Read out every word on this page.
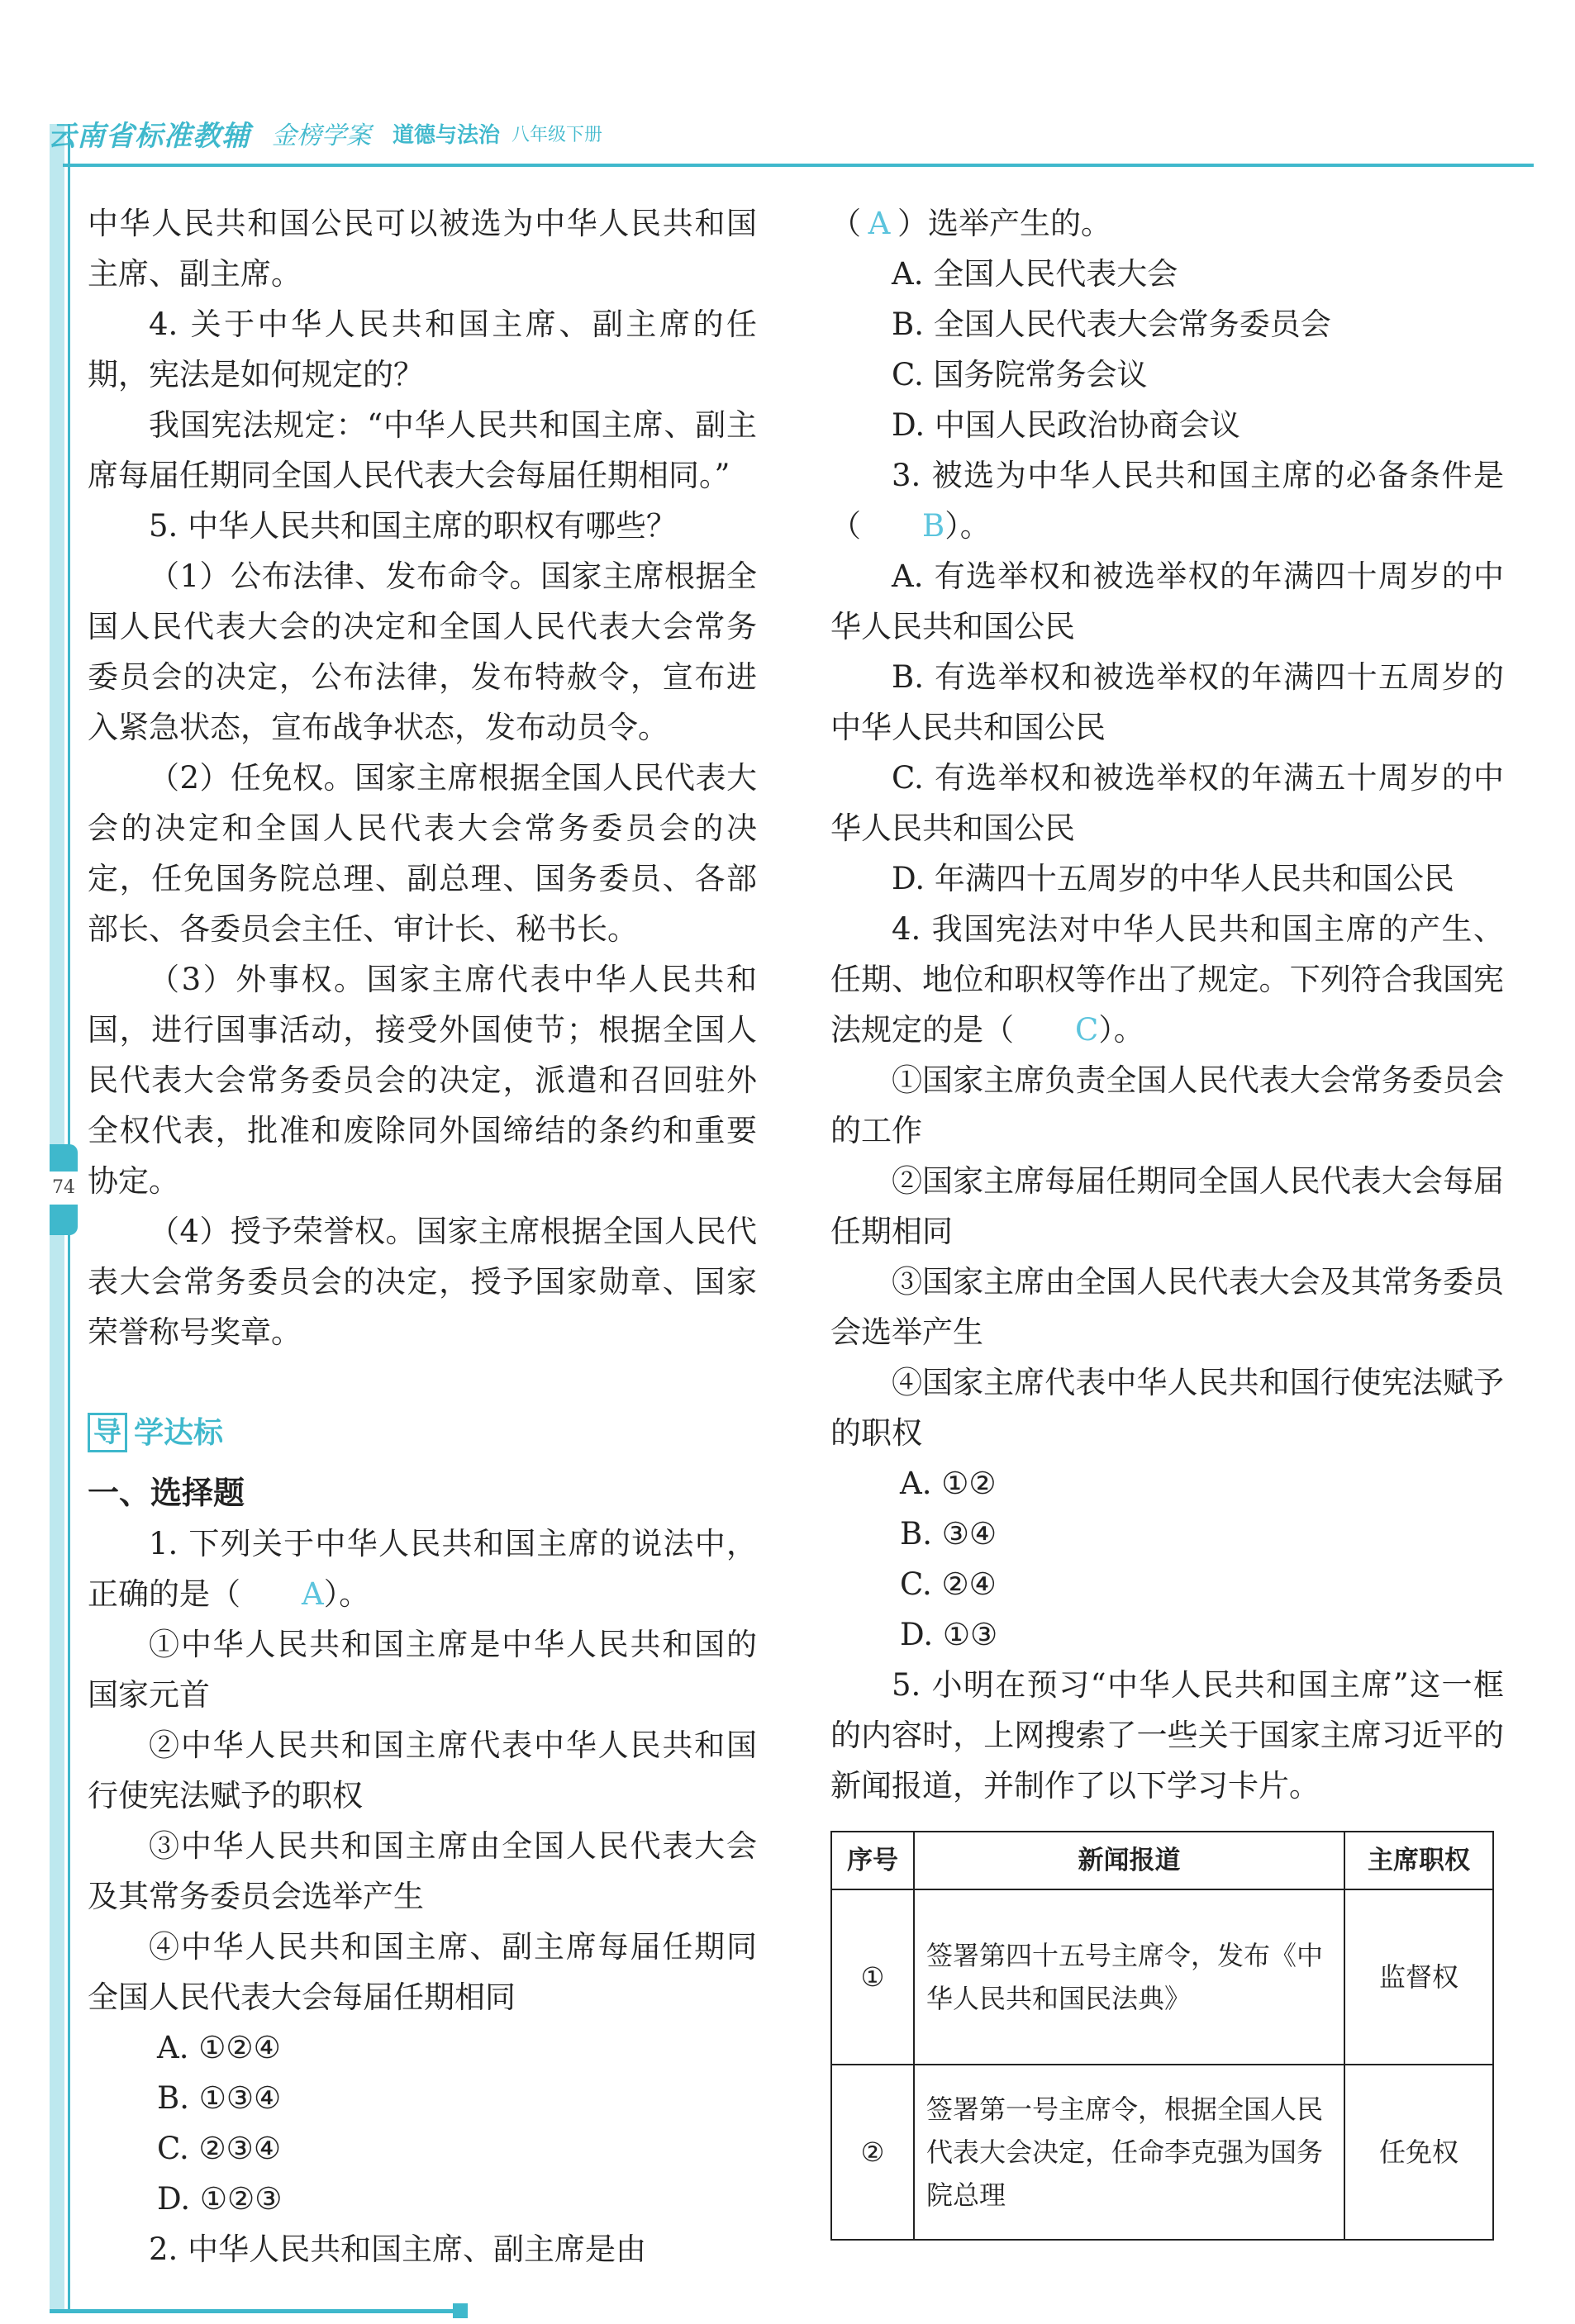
74
云南省标准教辅 金榜学案 道德与法治 八年级下册

中华人民共和国公民可以被选为中华人民共和国主席、副主席。

4. 关于中华人民共和国主席、副主席的任期，宪法是如何规定的？

我国宪法规定：“中华人民共和国主席、副主席每届任期同全国人民代表大会每届任期相同。”

5. 中华人民共和国主席的职权有哪些？

（1）公布法律、发布命令。国家主席根据全国人民代表大会的决定和全国人民代表大会常务委员会的决定，公布法律，发布特赦令，宣布进入紧急状态，宣布战争状态，发布动员令。

（2）任免权。国家主席根据全国人民代表大会的决定和全国人民代表大会常务委员会的决定，任免国务院总理、副总理、国务委员、各部部长、各委员会主任、审计长、秘书长。

（3）外事权。国家主席代表中华人民共和国，进行国事活动，接受外国使节；根据全国人民代表大会常务委员会的决定，派遣和召回驻外全权代表，批准和废除同外国缔结的条约和重要协定。

（4）授予荣誉权。国家主席根据全国人民代表大会常务委员会的决定，授予国家勋章、国家荣誉称号奖章。

导 学达标
一、选择题

1. 下列关于中华人民共和国主席的说法中，正确的是（ A）。

①中华人民共和国主席是中华人民共和国的国家元首

②中华人民共和国主席代表中华人民共和国行使宪法赋予的职权

③中华人民共和国主席由全国人民代表大会及其常务委员会选举产生

④中华人民共和国主席、副主席每届任期同全国人民代表大会每届任期相同

A. ①②④
B. ①③④
C. ②③④
D. ①②③

2. 中华人民共和国主席、副主席是由

（ A ）选举产生的。

A. 全国人民代表大会

B. 全国人民代表大会常务委员会

C. 国务院常务会议

D. 中国人民政治协商会议

3. 被选为中华人民共和国主席的必备条件是（ B）。

A. 有选举权和被选举权的年满四十周岁的中华人民共和国公民

B. 有选举权和被选举权的年满四十五周岁的中华人民共和国公民

C. 有选举权和被选举权的年满五十周岁的中华人民共和国公民

D. 年满四十五周岁的中华人民共和国公民

4. 我国宪法对中华人民共和国主席的产生、任期、地位和职权等作出了规定。下列符合我国宪法规定的是（ C）。

①国家主席负责全国人民代表大会常务委员会的工作

②国家主席每届任期同全国人民代表大会每届任期相同

③国家主席由全国人民代表大会及其常务委员会选举产生

④国家主席代表中华人民共和国行使宪法赋予的职权

A. ①②
B. ③④
C. ②④
D. ①③

5. 小明在预习“中华人民共和国主席”这一框的内容时，上网搜索了一些关于国家主席习近平的新闻报道，并制作了以下学习卡片。

序号	新闻报道	主席职权
①	签署第四十五号主席令，发布《中华人民共和国民法典》	监督权
②	签署第一号主席令，根据全国人民代表大会决定，任命李克强为国务院总理	任免权
